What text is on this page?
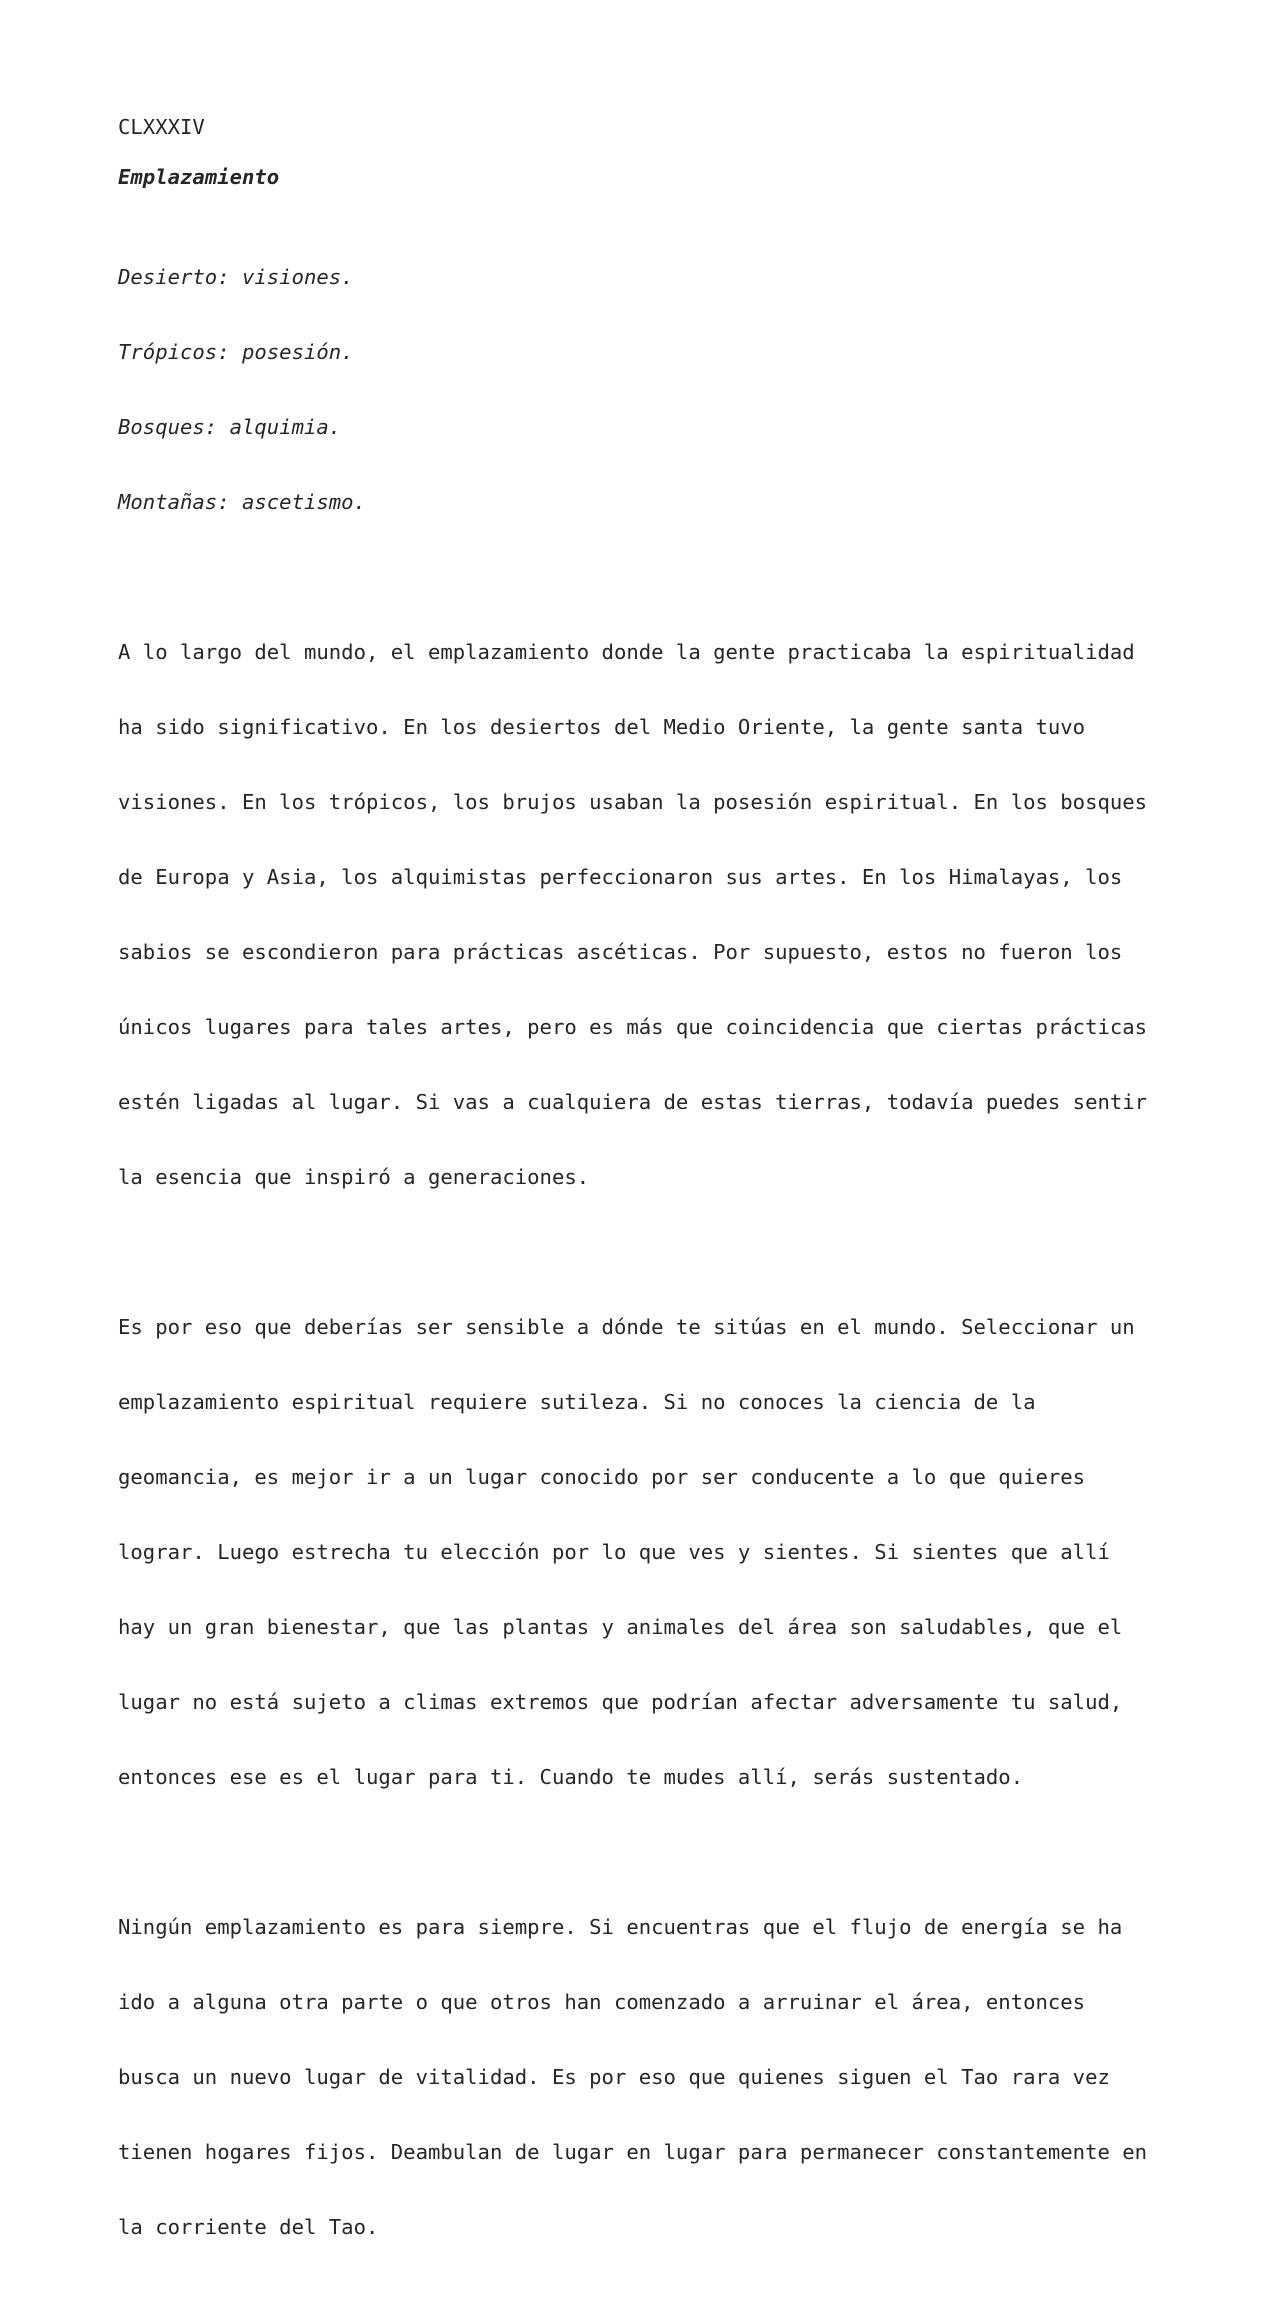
CLXXXIV
Emplazamiento

Desierto: visiones.

Trópicos: posesión.

Bosques: alquimia.

Montañas: ascetismo.

A lo largo del mundo, el emplazamiento donde la gente practicaba la espiritualidad

ha sido significativo. En los desiertos del Medio Oriente, la gente santa tuvo

visiones. En los trópicos, los brujos usaban la posesión espiritual. En los bosques

de Europa y Asia, los alquimistas perfeccionaron sus artes. En los Himalayas, los

sabios se escondieron para prácticas ascéticas. Por supuesto, estos no fueron los

únicos lugares para tales artes, pero es más que coincidencia que ciertas prácticas

estén ligadas al lugar. Si vas a cualquiera de estas tierras, todavía puedes sentir

la esencia que inspiró a generaciones.

Es por eso que deberías ser sensible a dónde te sitúas en el mundo. Seleccionar un

emplazamiento espiritual requiere sutileza. Si no conoces la ciencia de la

geomancia, es mejor ir a un lugar conocido por ser conducente a lo que quieres

lograr. Luego estrecha tu elección por lo que ves y sientes. Si sientes que allí

hay un gran bienestar, que las plantas y animales del área son saludables, que el

lugar no está sujeto a climas extremos que podrían afectar adversamente tu salud,

entonces ese es el lugar para ti. Cuando te mudes allí, serás sustentado.

Ningún emplazamiento es para siempre. Si encuentras que el flujo de energía se ha

ido a alguna otra parte o que otros han comenzado a arruinar el área, entonces

busca un nuevo lugar de vitalidad. Es por eso que quienes siguen el Tao rara vez

tienen hogares fijos. Deambulan de lugar en lugar para permanecer constantemente en

la corriente del Tao.
